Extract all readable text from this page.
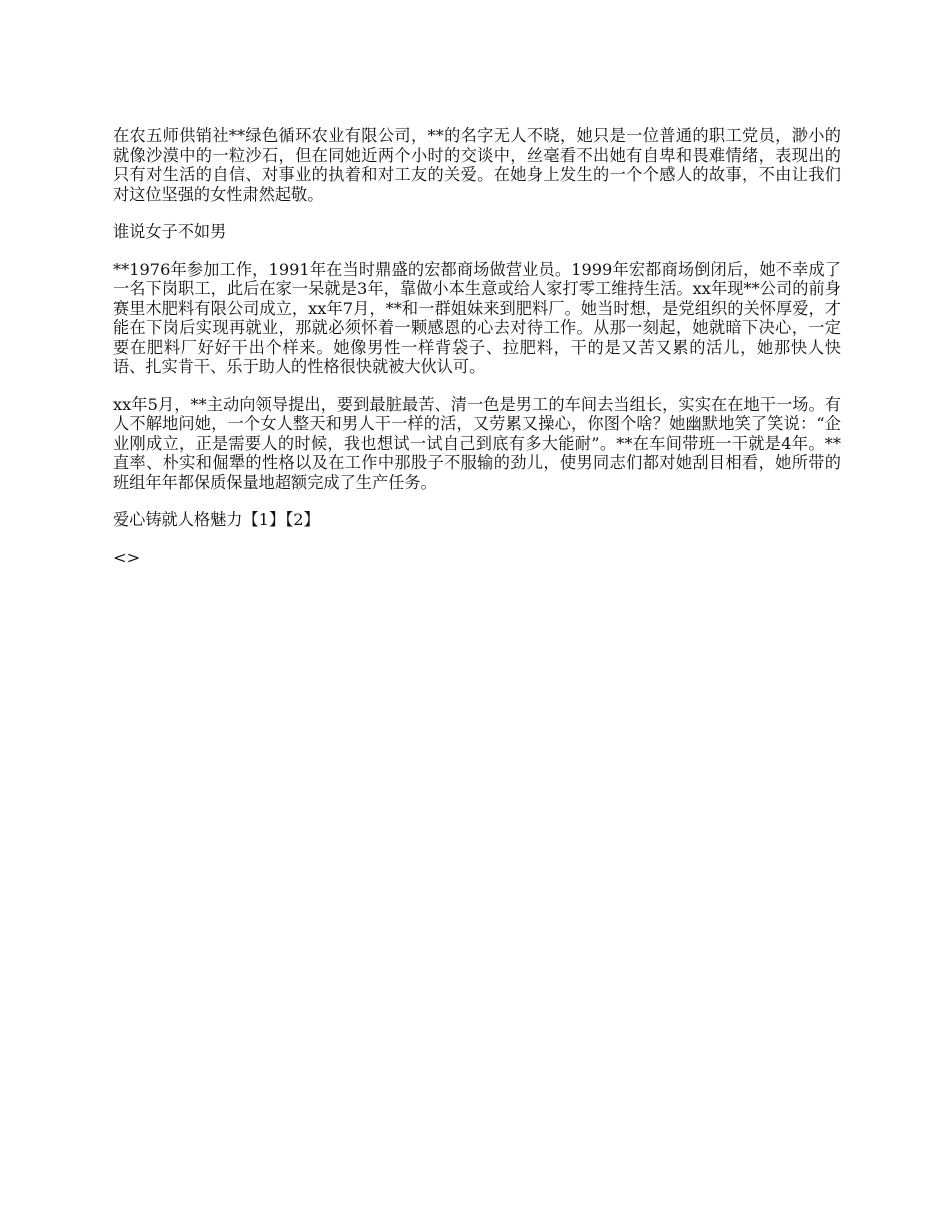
在农五师供销社**绿色循环农业有限公司，**的名字无人不晓，她只是一位普通的职工党员，渺小的就像沙漠中的一粒沙石，但在同她近两个小时的交谈中，丝毫看不出她有自卑和畏难情绪，表现出的只有对生活的自信、对事业的执着和对工友的关爱。在她身上发生的一个个感人的故事，不由让我们对这位坚强的女性肃然起敬。

谁说女子不如男

**1976年参加工作，1991年在当时鼎盛的宏都商场做营业员。1999年宏都商场倒闭后，她不幸成了一名下岗职工，此后在家一呆就是3年，靠做小本生意或给人家打零工维持生活。xx年现**公司的前身赛里木肥料有限公司成立，xx年7月，**和一群姐妹来到肥料厂。她当时想，是党组织的关怀厚爱，才能在下岗后实现再就业，那就必须怀着一颗感恩的心去对待工作。从那一刻起，她就暗下决心，一定要在肥料厂好好干出个样来。她像男性一样背袋子、拉肥料，干的是又苦又累的活儿，她那快人快语、扎实肯干、乐于助人的性格很快就被大伙认可。

xx年5月，**主动向领导提出，要到最脏最苦、清一色是男工的车间去当组长，实实在在地干一场。有人不解地问她，一个女人整天和男人干一样的活，又劳累又操心，你图个啥？她幽默地笑了笑说：“企业刚成立，正是需要人的时候，我也想试一试自己到底有多大能耐”。**在车间带班一干就是4年。**直率、朴实和倔犟的性格以及在工作中那股子不服输的劲儿，使男同志们都对她刮目相看，她所带的班组年年都保质保量地超额完成了生产任务。

爱心铸就人格魅力【1】【2】

<>
